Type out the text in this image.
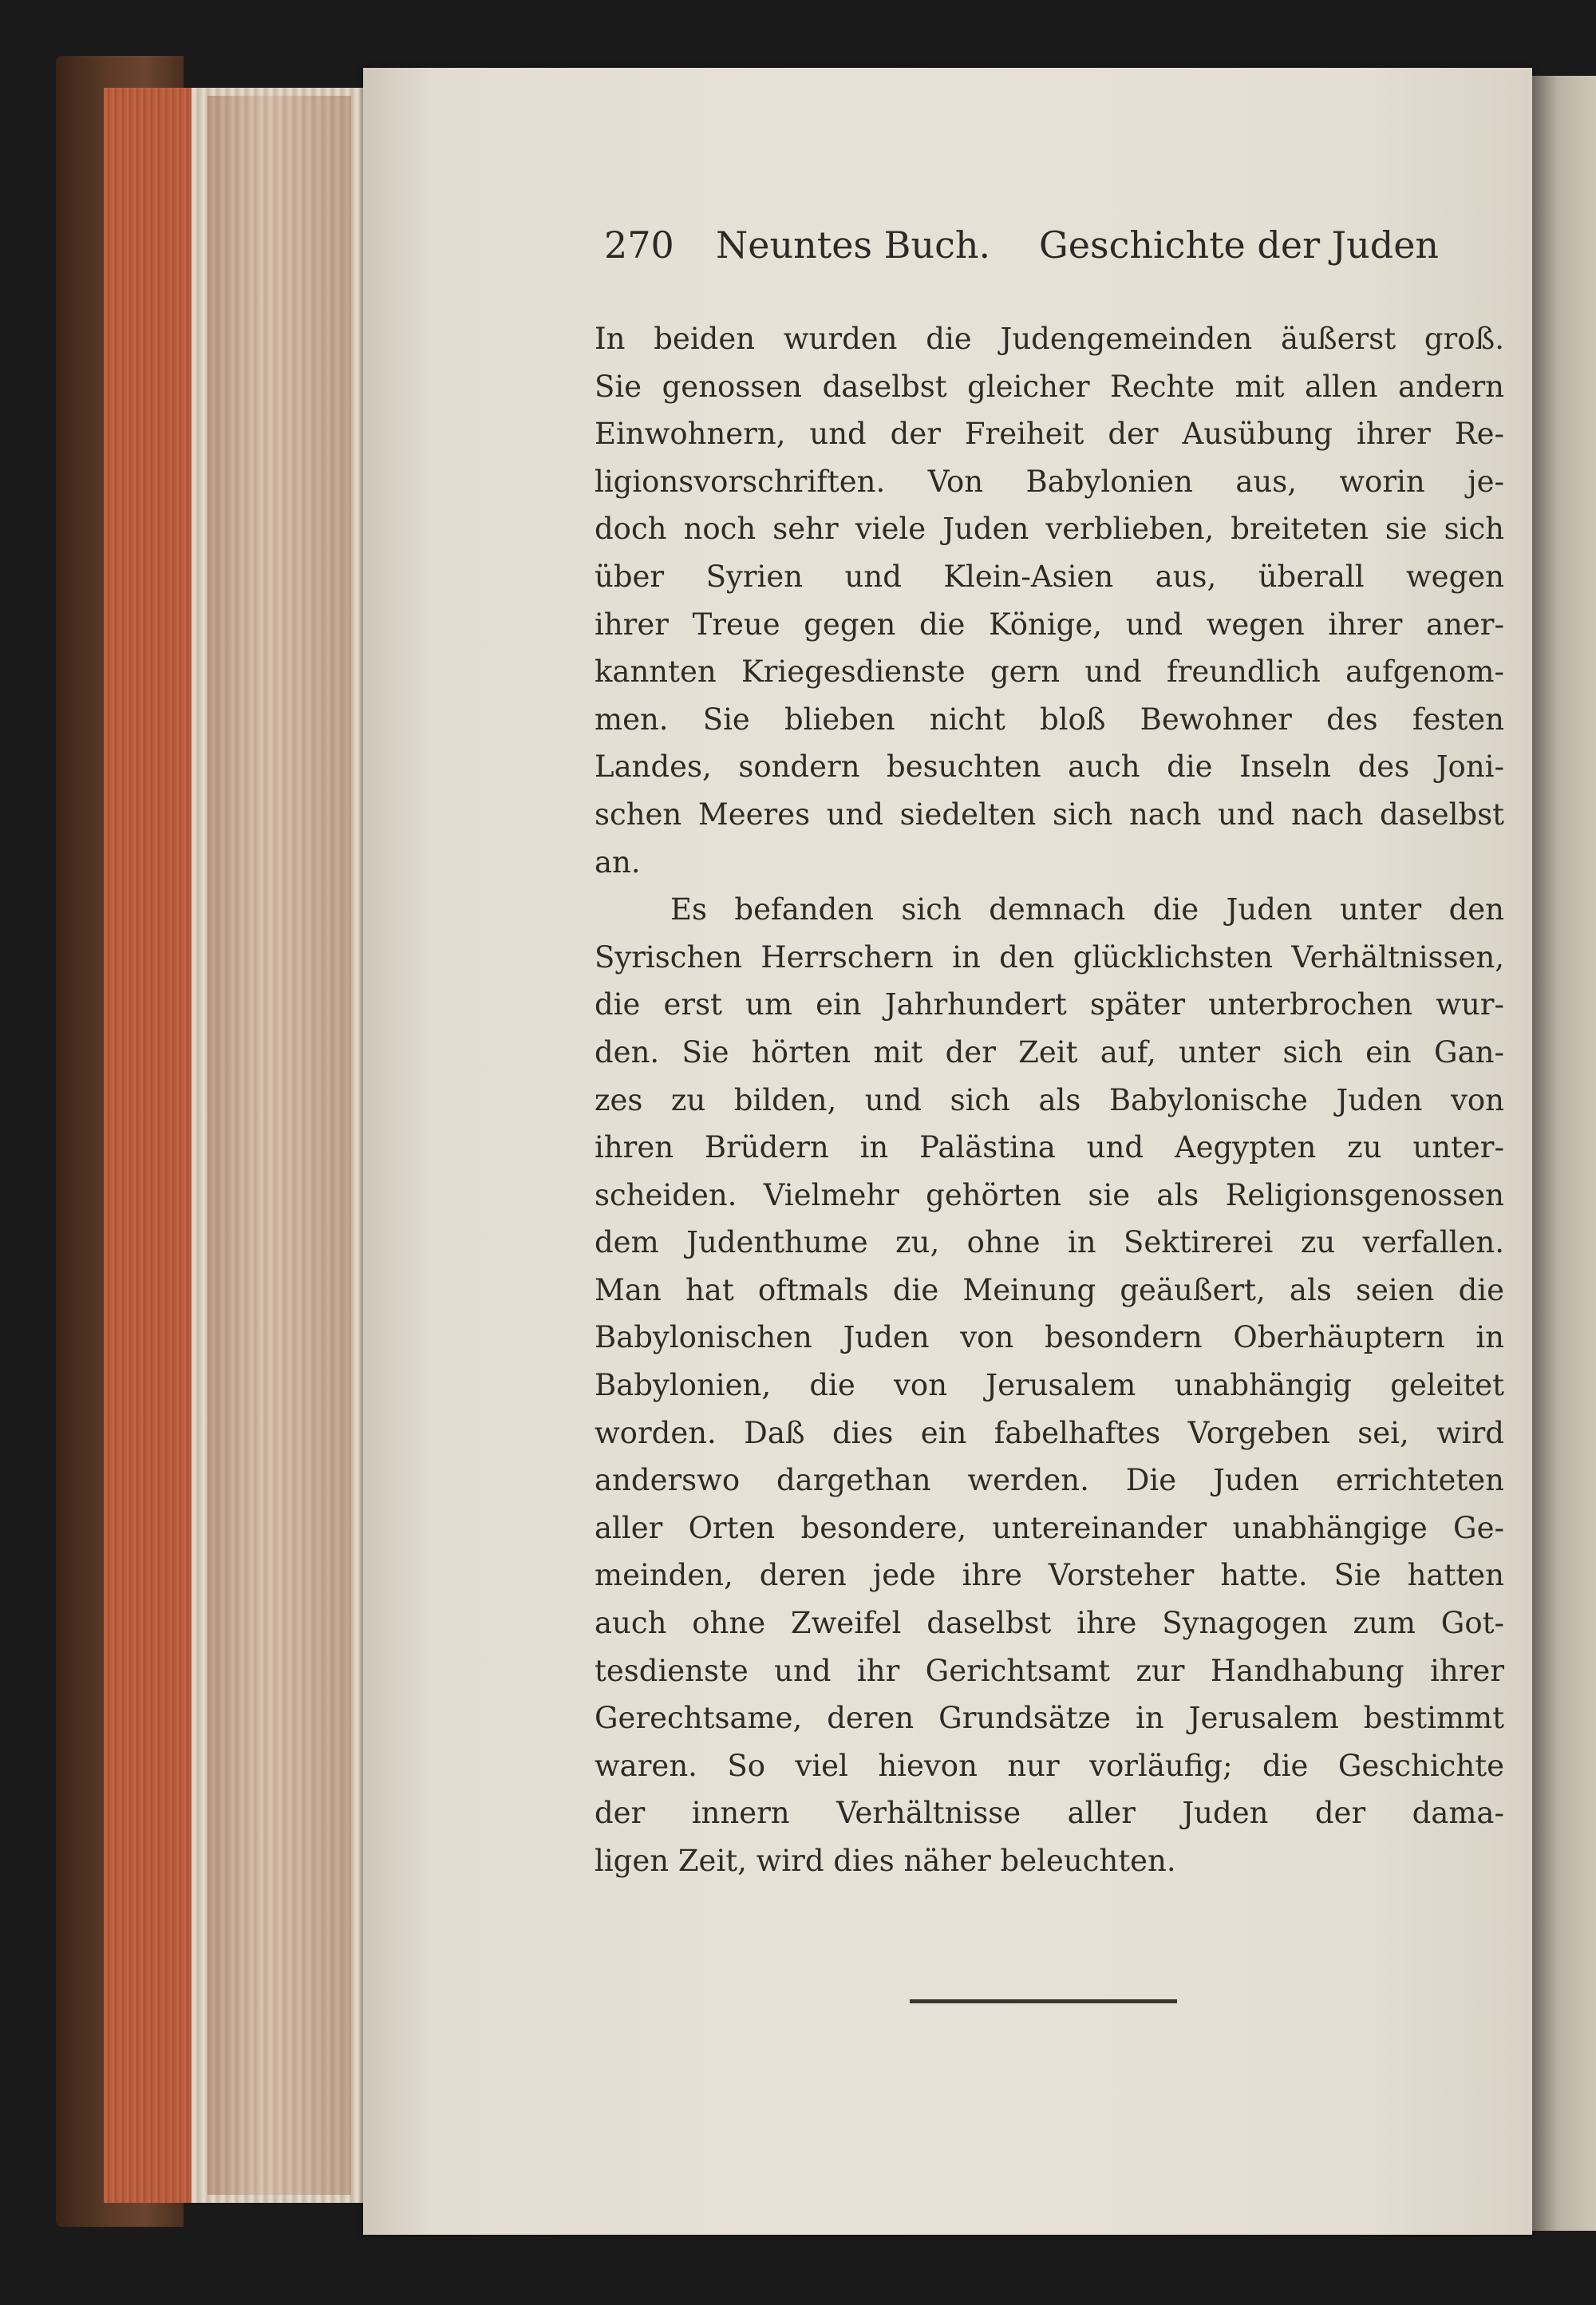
270 Neuntes Buch. Geschichte der Juden
In beiden wurden die Judengemeinden äußerst groß.
Sie genossen daselbst gleicher Rechte mit allen andern
Einwohnern, und der Freiheit der Ausübung ihrer Re-
ligionsvorschriften. Von Babylonien aus, worin je-
doch noch sehr viele Juden verblieben, breiteten sie sich
über Syrien und Klein-Asien aus, überall wegen
ihrer Treue gegen die Könige, und wegen ihrer aner-
kannten Kriegesdienste gern und freundlich aufgenom-
men. Sie blieben nicht bloß Bewohner des festen
Landes, sondern besuchten auch die Inseln des Joni-
schen Meeres und siedelten sich nach und nach daselbst
an.
Es befanden sich demnach die Juden unter den
Syrischen Herrschern in den glücklichsten Verhältnissen,
die erst um ein Jahrhundert später unterbrochen wur-
den. Sie hörten mit der Zeit auf, unter sich ein Gan-
zes zu bilden, und sich als Babylonische Juden von
ihren Brüdern in Palästina und Aegypten zu unter-
scheiden. Vielmehr gehörten sie als Religionsgenossen
dem Judenthume zu, ohne in Sektirerei zu verfallen.
Man hat oftmals die Meinung geäußert, als seien die
Babylonischen Juden von besondern Oberhäuptern in
Babylonien, die von Jerusalem unabhängig geleitet
worden. Daß dies ein fabelhaftes Vorgeben sei, wird
anderswo dargethan werden. Die Juden errichteten
aller Orten besondere, untereinander unabhängige Ge-
meinden, deren jede ihre Vorsteher hatte. Sie hatten
auch ohne Zweifel daselbst ihre Synagogen zum Got-
tesdienste und ihr Gerichtsamt zur Handhabung ihrer
Gerechtsame, deren Grundsätze in Jerusalem bestimmt
waren. So viel hievon nur vorläufig; die Geschichte
der innern Verhältnisse aller Juden der dama-
ligen Zeit, wird dies näher beleuchten.
